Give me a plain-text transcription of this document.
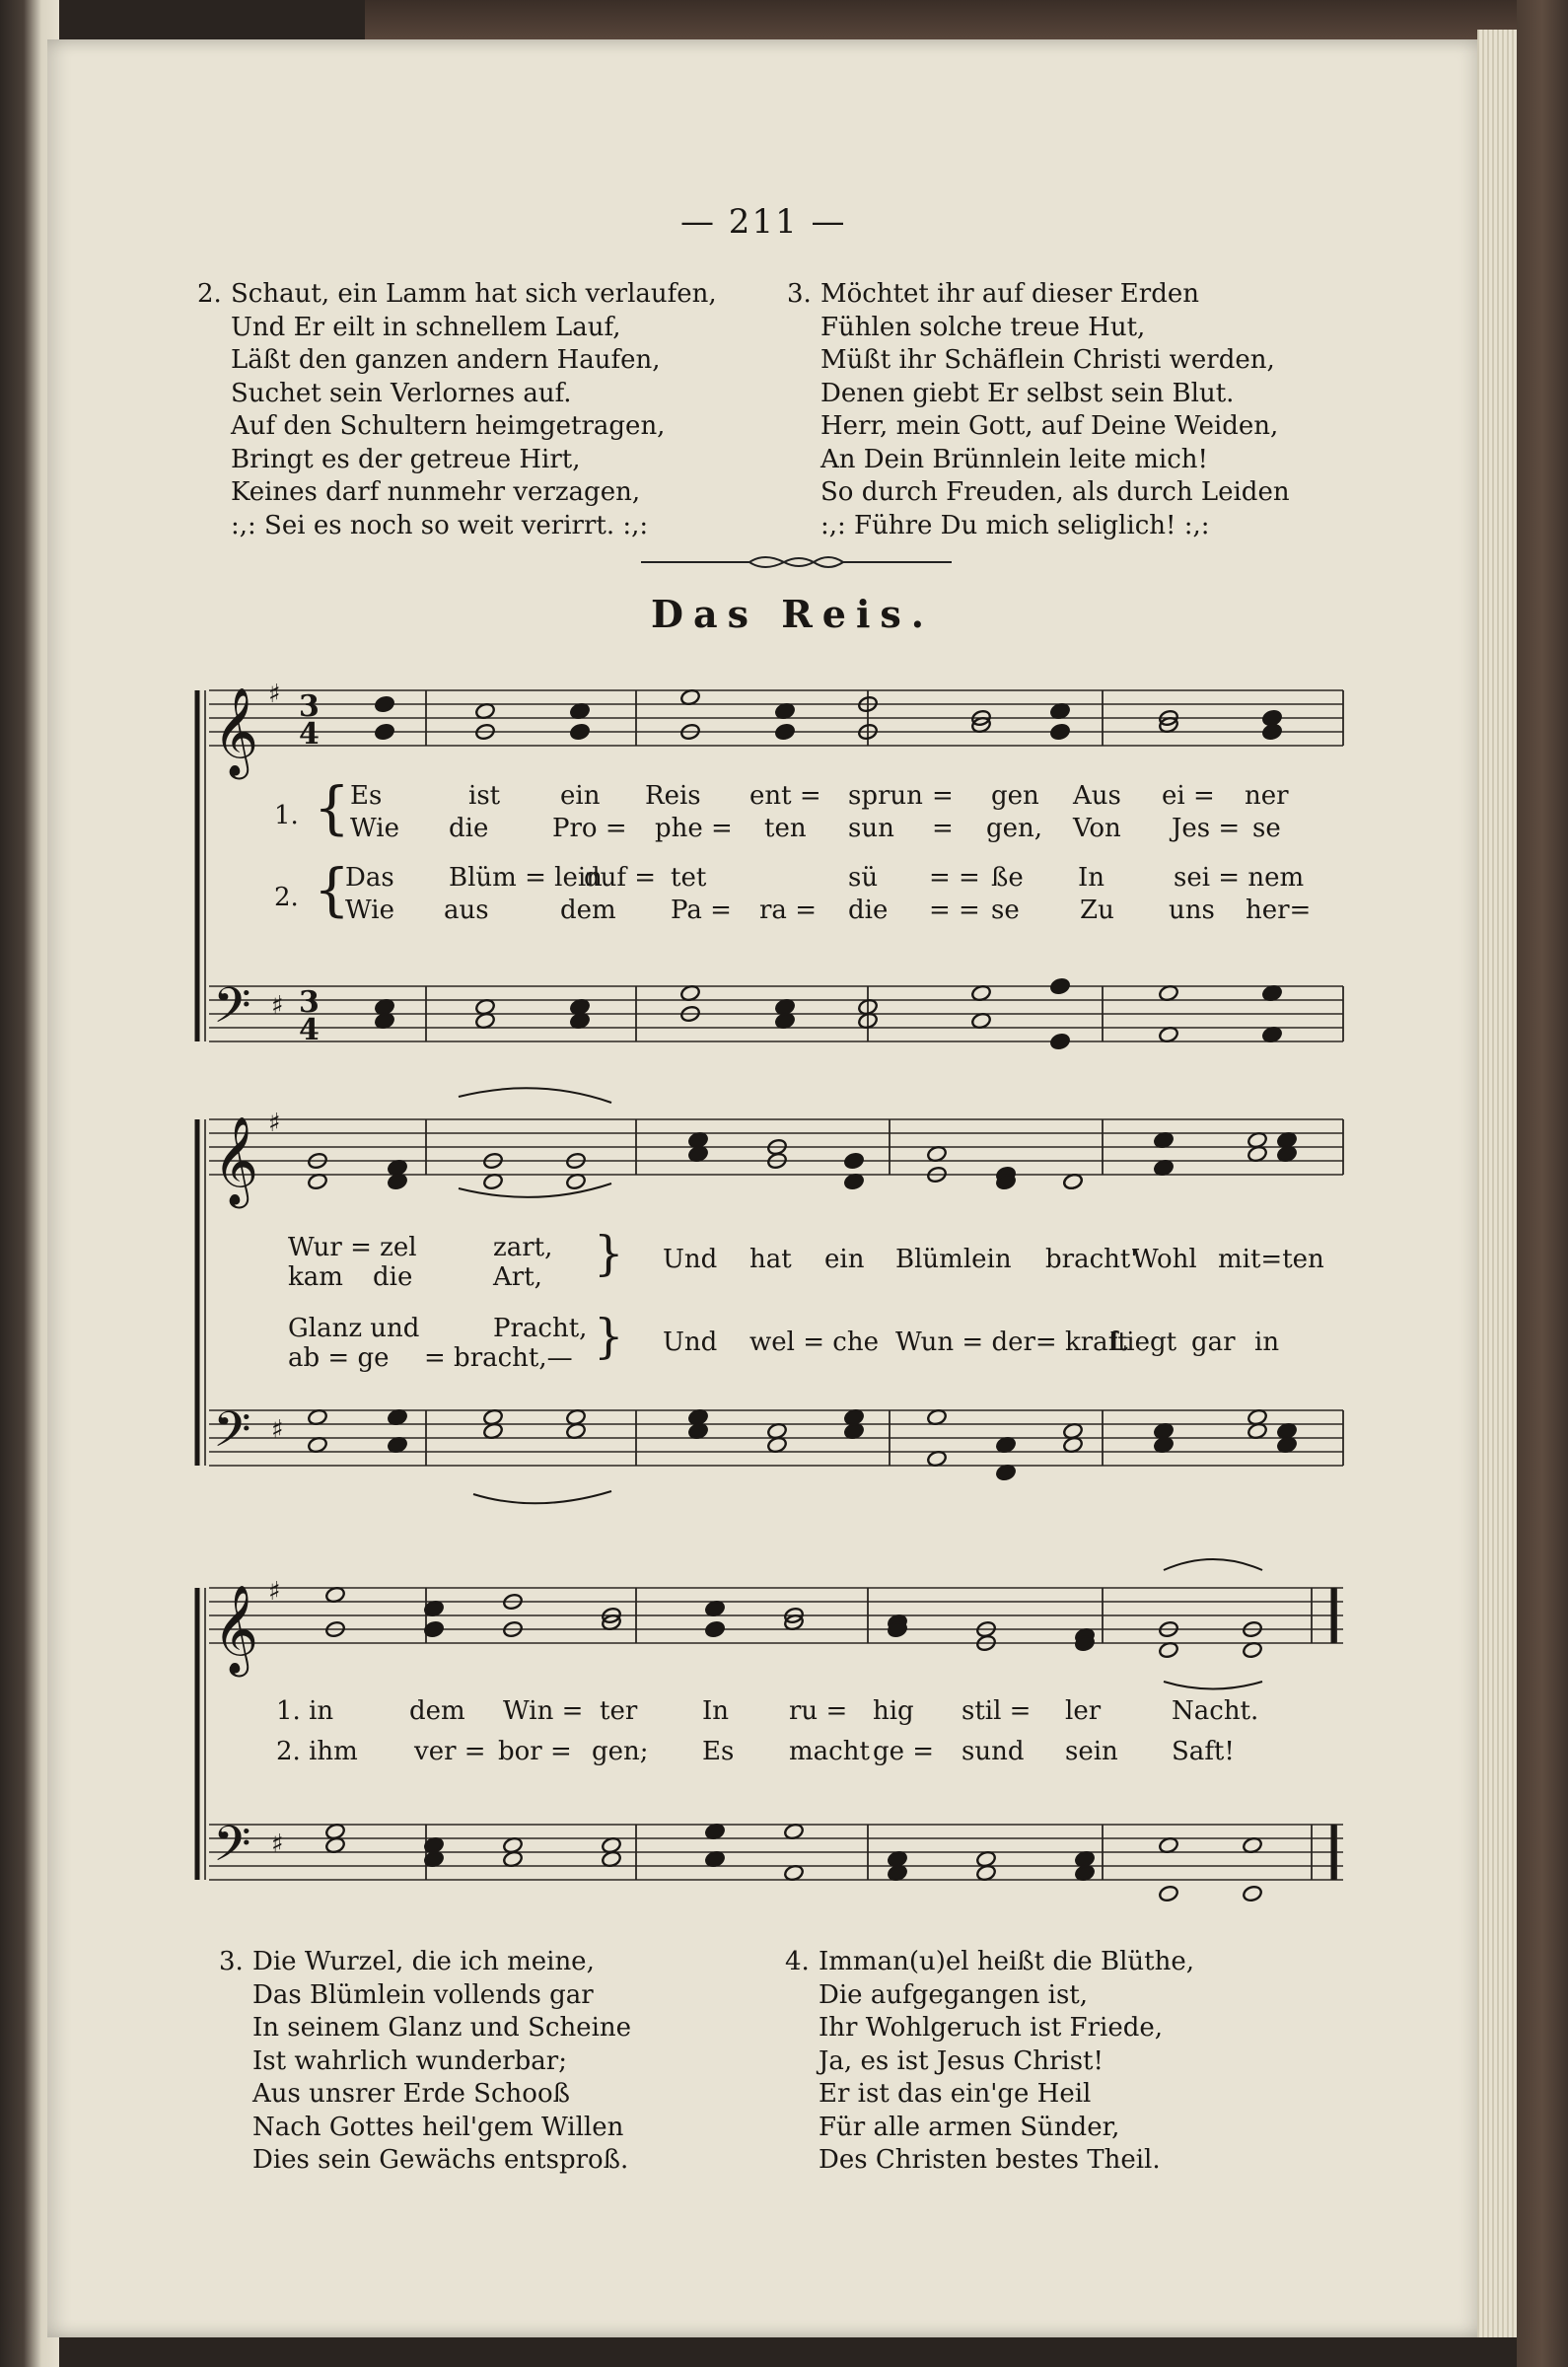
— 211 —
2. Schaut, ein Lamm hat sich verlaufen,
Und Er eilt in schnellem Lauf,
Läßt den ganzen andern Haufen,
Suchet sein Verlornes auf.
Auf den Schultern heimgetragen,
Bringt es der getreue Hirt,
Keines darf nunmehr verzagen,
:,: Sei es noch so weit verirrt. :,:
3. Möchtet ihr auf dieser Erden
Fühlen solche treue Hut,
Müßt ihr Schäflein Christi werden,
Denen giebt Er selbst sein Blut.
Herr, mein Gott, auf Deine Weiden,
An Dein Brünnlein leite mich!
So durch Freuden, als durch Leiden
:,: Führe Du mich seliglich! :,:
Das Reis.
𝄞
𝄢
3
4
3
4
♯
♯
𝄞
𝄢
♯
♯
𝄞
𝄢
♯
♯
1. {
2. {
Es	ist ein Reis ent = sprun = gen Aus ei = ner
Wie die Pro = phe = ten sun = gen, Von Jes = se
Das Blüm = lein
duf = tet	sü = = ße In	sei = nem
Wie aus	dem Pa = ra = die = = se Zu uns her=
Wur = zel	zart,
kam die	Art, } Und hat ein Blümlein bracht'
Wohl mit=ten
Glanz und	Pracht,
ab = ge = bracht,— } Und wel = che Wun = der= kraft
Liegt gar in
1. in	dem Win = ter	In ru = hig stil = ler	Nacht.
2. ihm ver = bor = gen; Es macht ge = sund sein Saft!
3. Die Wurzel, die ich meine,
Das Blümlein vollends gar
In seinem Glanz und Scheine
Ist wahrlich wunderbar;
Aus unsrer Erde Schooß
Nach Gottes heil'gem Willen
Dies sein Gewächs entsproß.
4. Imman(u)el heißt die Blüthe,
Die aufgegangen ist,
Ihr Wohlgeruch ist Friede,
Ja, es ist Jesus Christ!
Er ist das ein'ge Heil
Für alle armen Sünder,
Des Christen bestes Theil.
